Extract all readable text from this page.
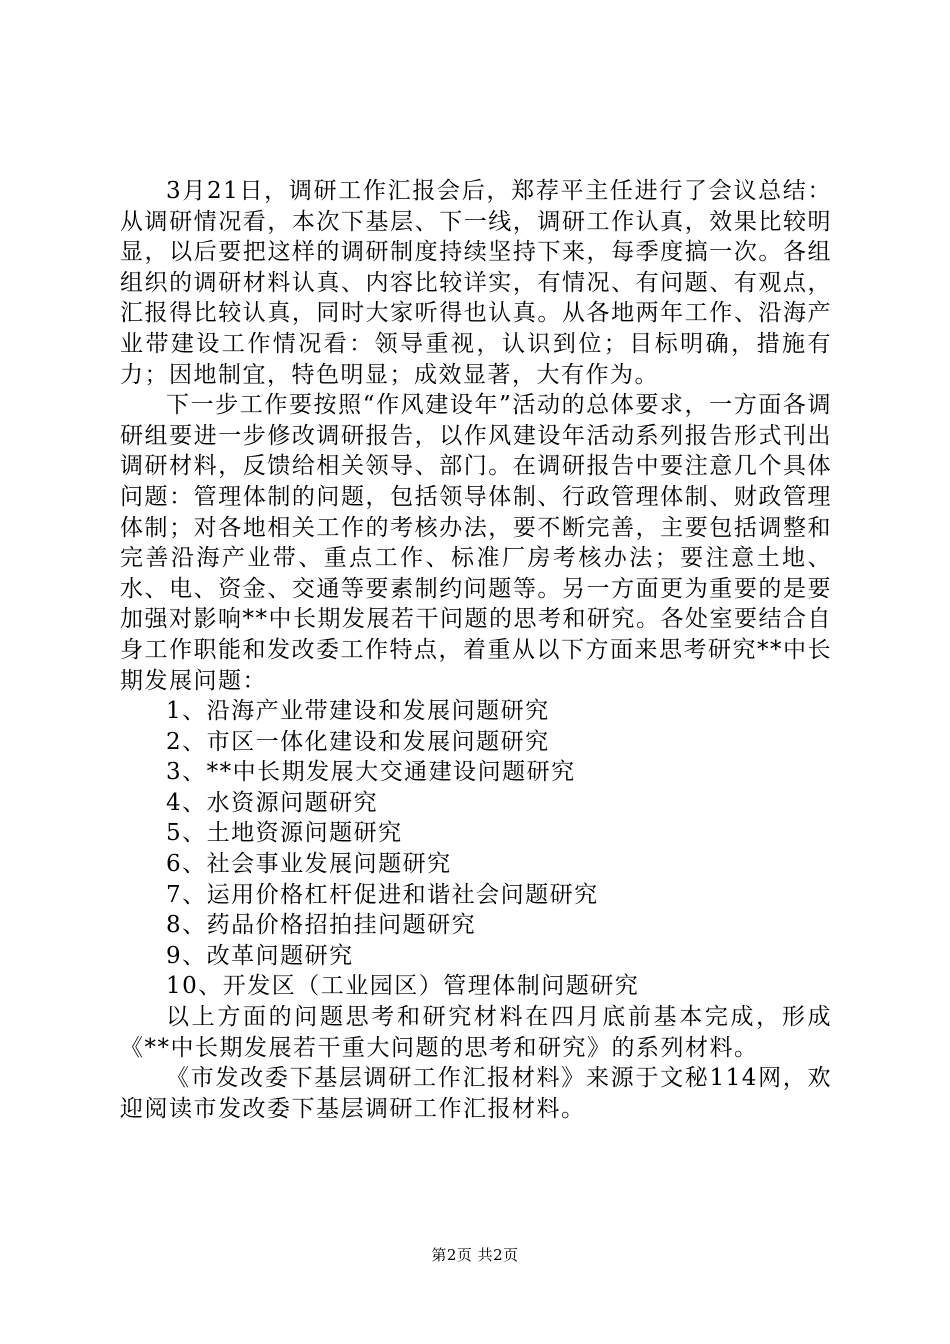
3月21日，调研工作汇报会后，郑荐平主任进行了会议总结：从调研情况看，本次下基层、下一线，调研工作认真，效果比较明显，以后要把这样的调研制度持续坚持下来，每季度搞一次。各组组织的调研材料认真、内容比较详实，有情况、有问题、有观点，汇报得比较认真，同时大家听得也认真。从各地两年工作、沿海产业带建设工作情况看：领导重视，认识到位；目标明确，措施有力；因地制宜，特色明显；成效显著，大有作为。

下一步工作要按照“作风建设年”活动的总体要求，一方面各调研组要进一步修改调研报告，以作风建设年活动系列报告形式刊出调研材料，反馈给相关领导、部门。在调研报告中要注意几个具体问题：管理体制的问题，包括领导体制、行政管理体制、财政管理体制；对各地相关工作的考核办法，要不断完善，主要包括调整和完善沿海产业带、重点工作、标准厂房考核办法；要注意土地、水、电、资金、交通等要素制约问题等。另一方面更为重要的是要加强对影响**中长期发展若干问题的思考和研究。各处室要结合自身工作职能和发改委工作特点，着重从以下方面来思考研究**中长期发展问题：

1、沿海产业带建设和发展问题研究
2、市区一体化建设和发展问题研究
3、**中长期发展大交通建设问题研究
4、水资源问题研究
5、土地资源问题研究
6、社会事业发展问题研究
7、运用价格杠杆促进和谐社会问题研究
8、药品价格招拍挂问题研究
9、改革问题研究
10、开发区（工业园区）管理体制问题研究

以上方面的问题思考和研究材料在四月底前基本完成，形成《**中长期发展若干重大问题的思考和研究》的系列材料。

《市发改委下基层调研工作汇报材料》来源于文秘114网，欢迎阅读市发改委下基层调研工作汇报材料。

第2页 共2页
